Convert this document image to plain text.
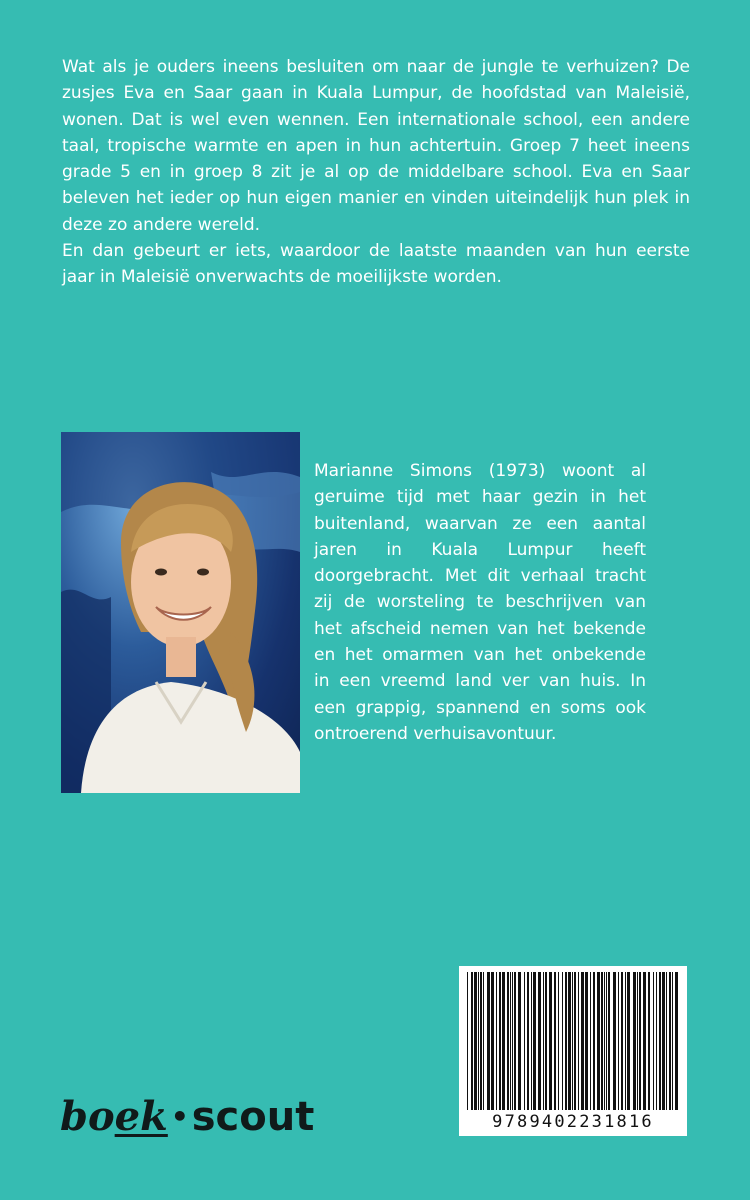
Wat als je ouders ineens besluiten om naar de jungle te verhuizen? De zusjes Eva en Saar gaan in Kuala Lumpur, de hoofdstad van Maleisië, wonen. Dat is wel even wennen. Een internationale school, een andere taal, tropische warmte en apen in hun achtertuin. Groep 7 heet ineens grade 5 en in groep 8 zit je al op de middelbare school. Eva en Saar beleven het ieder op hun eigen manier en vinden uiteindelijk hun plek in deze zo andere wereld.

En dan gebeurt er iets, waardoor de laatste maanden van hun eerste jaar in Maleisië onverwachts de moeilijkste worden.

Marianne Simons (1973) woont al geruime tijd met haar gezin in het buitenland, waarvan ze een aantal jaren in Kuala Lumpur heeft doorgebracht. Met dit verhaal tracht zij de worsteling te beschrijven van het afscheid nemen van het bekende en het omarmen van het onbekende in een vreemd land ver van huis. In een grappig, spannend en soms ook ontroerend verhuisavontuur.

9789402231816
boek •scout
